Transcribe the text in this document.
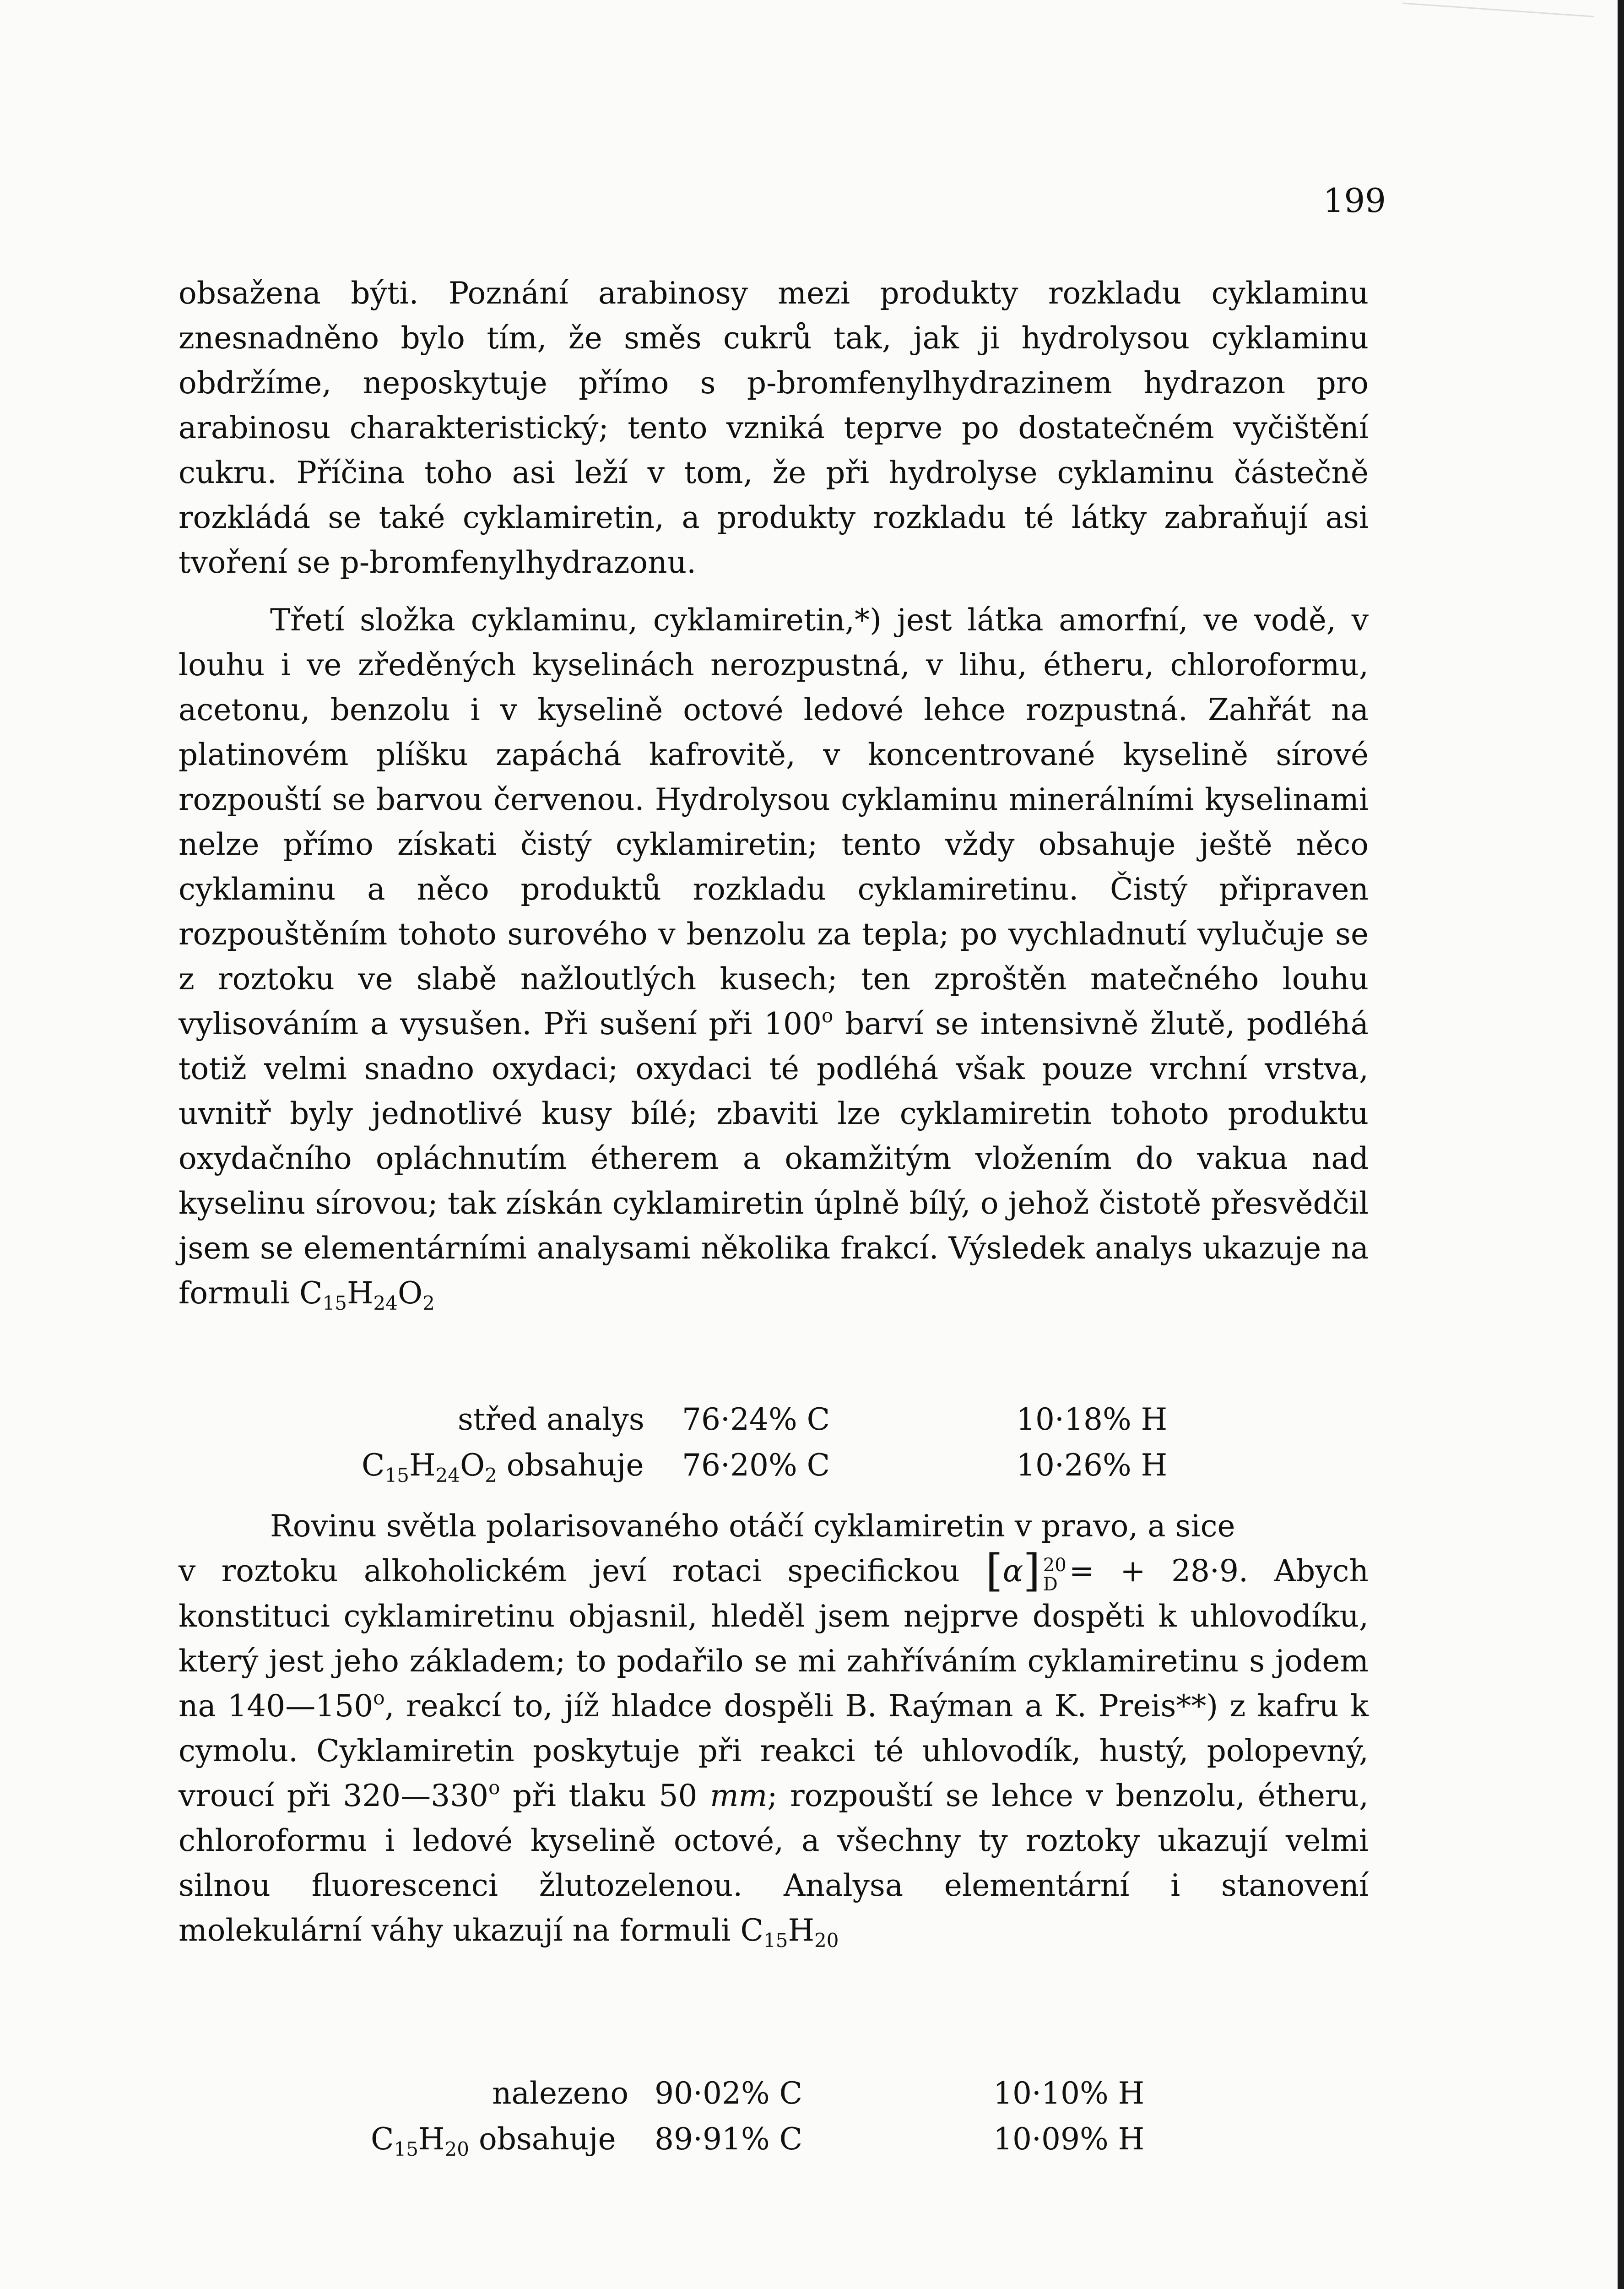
199

obsažena býti. Poznání arabinosy mezi produkty rozkladu cyklaminu znesnadněno bylo tím, že směs cukrů tak, jak ji hydrolysou cyklaminu obdržíme, neposkytuje přímo s p-bromfenylhydrazinem hydrazon pro arabinosu charakteristický; tento vzniká teprve po dostatečném vyčištění cukru. Příčina toho asi leží v tom, že při hydrolyse cyklaminu částečně rozkládá se také cyklamiretin, a produkty rozkladu té látky zabraňují asi tvoření se p-bromfenylhydrazonu.

Třetí složka cyklaminu, cyklamiretin,*) jest látka amorfní, ve vodě, v louhu i ve zředěných kyselinách nerozpustná, v lihu, étheru, chloroformu, acetonu, benzolu i v kyselině octové ledové lehce rozpustná. Zahřát na platinovém plíšku zapáchá kafrovitě, v koncentrované kyselině sírové rozpouští se barvou červenou. Hydrolysou cyklaminu minerálními kyselinami nelze přímo získati čistý cyklamiretin; tento vždy obsahuje ještě něco cyklaminu a něco produktů rozkladu cyklamiretinu. Čistý připraven rozpouštěním tohoto surového v benzolu za tepla; po vychladnutí vylučuje se z roztoku ve slabě nažloutlých kusech; ten zproštěn matečného louhu vylisováním a vysušen. Při sušení při 100$^o$ barví se intensivně žlutě, podléhá totiž velmi snadno oxydaci; oxydaci té podléhá však pouze vrchní vrstva, uvnitř byly jednotlivé kusy bílé; zbaviti lze cyklamiretin tohoto produktu oxydačního opláchnutím étherem a okamžitým vložením do vakua nad kyselinu sírovou; tak získán cyklamiretin úplně bílý, o jehož čistotě přesvědčil jsem se elementárními analysami několika frakcí. Výsledek analys ukazuje na formuli $C_{15}H_{24}O_2$

střed analys 76·24% C	10·18% H
$C_{15}H_{24}O_2$ obsahuje 76·20% C	10·26% H

Rovinu světla polarisovaného otáčí cyklamiretin v pravo, a sice

v roztoku alkoholickém jeví rotaci specifickou [α] 20
D = + 28·9. Abych

konstituci cyklamiretinu objasnil, hleděl jsem nejprve dospěti k uhlovodíku, který jest jeho základem; to podařilo se mi zahříváním cyklamiretinu s jodem na 140—150$^o$, reakcí to, jíž hladce dospěli B. Raýman a K. Preis**) z kafru k cymolu. Cyklamiretin poskytuje při reakci té uhlovodík, hustý, polopevný, vroucí při 320—330$^o$ při tlaku 50 mm; rozpouští se lehce v benzolu, étheru, chloroformu i ledové kyselině octové, a všechny ty roztoky ukazují velmi silnou fluorescenci žlutozelenou. Analysa elementární i stanovení molekulární váhy ukazují na formuli $C_{15}H_{20}$

nalezeno 90·02% C	10·10% H
$C_{15}H_{20}$ obsahuje 89·91% C	10·09% H
